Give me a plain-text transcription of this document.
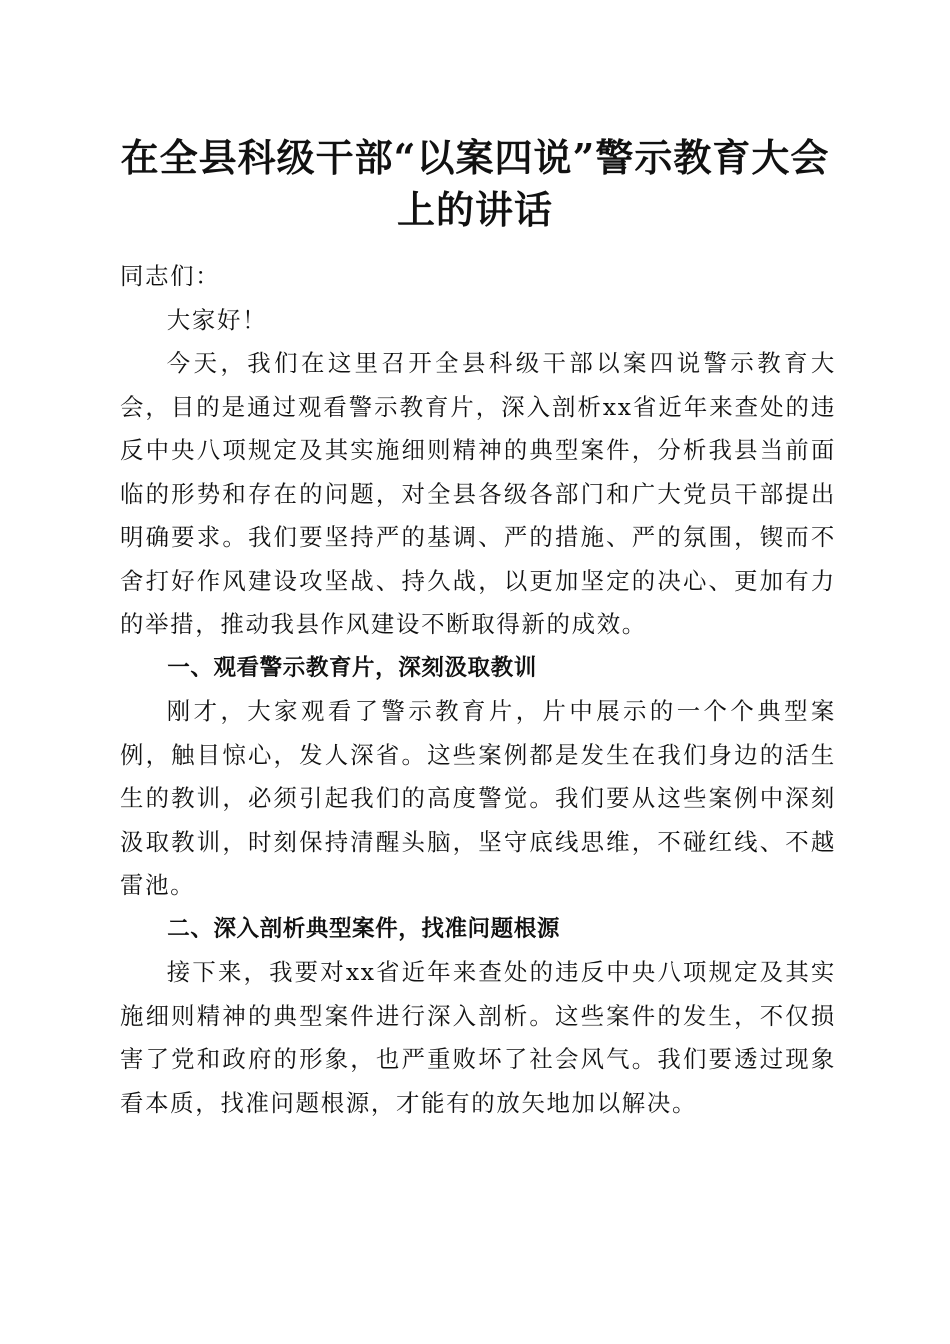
在全县科级干部“以案四说”警示教育大会上的讲话

同志们：

大家好！

今天，我们在这里召开全县科级干部以案四说警示教育大会，目的是通过观看警示教育片，深入剖析xx省近年来查处的违反中央八项规定及其实施细则精神的典型案件，分析我县当前面临的形势和存在的问题，对全县各级各部门和广大党员干部提出明确要求。我们要坚持严的基调、严的措施、严的氛围，锲而不舍打好作风建设攻坚战、持久战，以更加坚定的决心、更加有力的举措，推动我县作风建设不断取得新的成效。

一、观看警示教育片，深刻汲取教训

刚才，大家观看了警示教育片，片中展示的一个个典型案例，触目惊心，发人深省。这些案例都是发生在我们身边的活生生的教训，必须引起我们的高度警觉。我们要从这些案例中深刻汲取教训，时刻保持清醒头脑，坚守底线思维，不碰红线、不越雷池。

二、深入剖析典型案件，找准问题根源

接下来，我要对xx省近年来查处的违反中央八项规定及其实施细则精神的典型案件进行深入剖析。这些案件的发生，不仅损害了党和政府的形象，也严重败坏了社会风气。我们要透过现象看本质，找准问题根源，才能有的放矢地加以解决。
